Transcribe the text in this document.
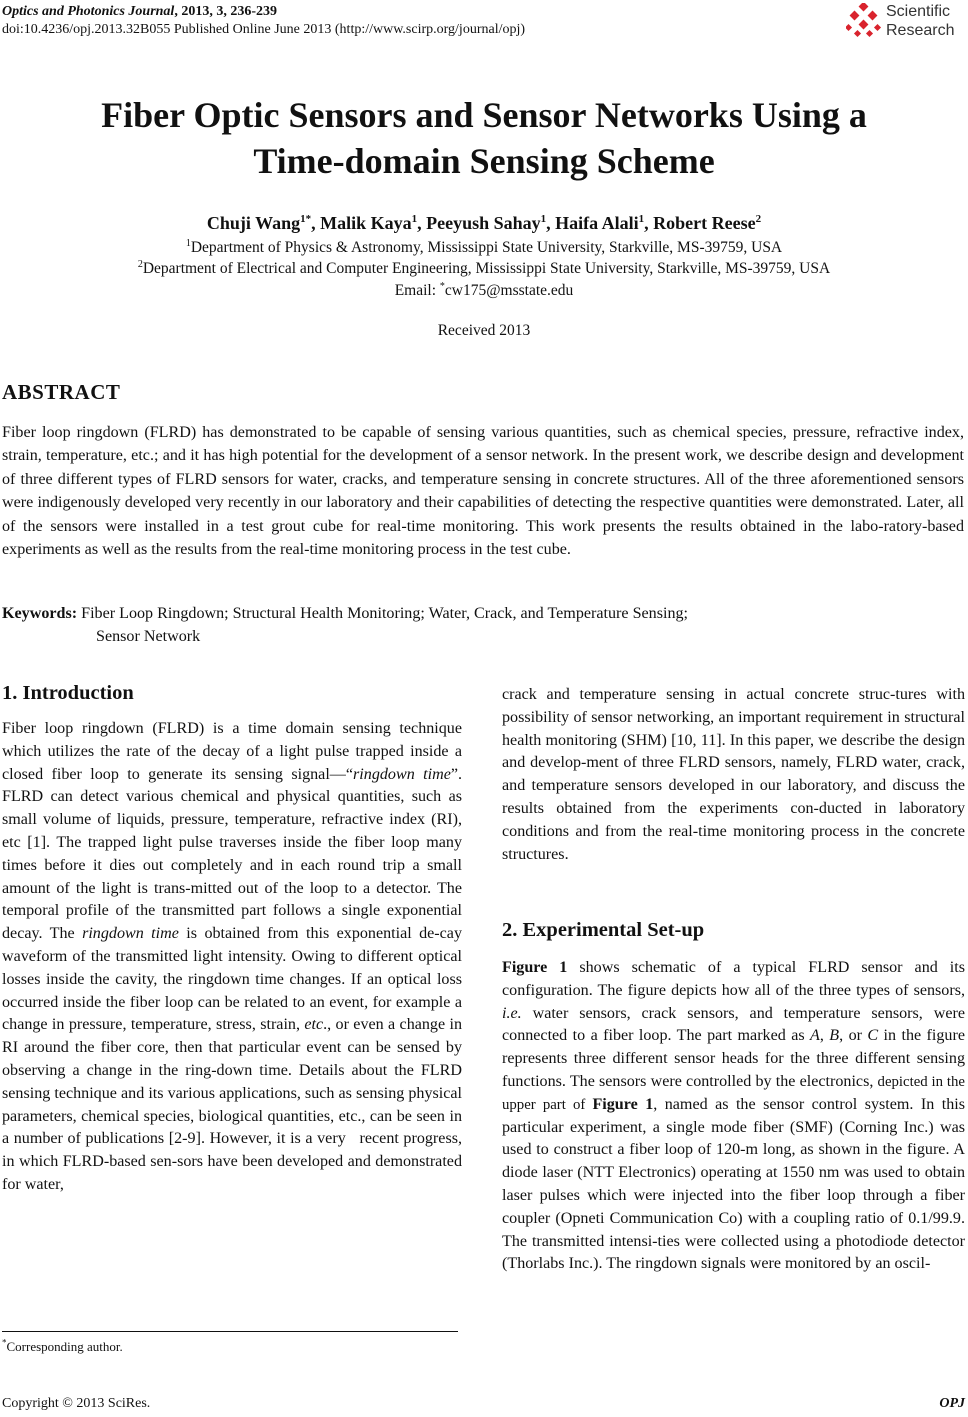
Optics and Photonics Journal, 2013, 3, 236-239
doi:10.4236/opj.2013.32B055 Published Online June 2013 (http://www.scirp.org/journal/opj)
Scientific
Research
Fiber Optic Sensors and Sensor Networks Using a
Time-domain Sensing Scheme
Chuji Wang$^{1*}$, Malik Kaya$^1$, Peeyush Sahay$^1$, Haifa Alali$^1$, Robert Reese$^2$
$^1$Department of Physics & Astronomy, Mississippi State University, Starkville, MS-39759, USA
$^2$Department of Electrical and Computer Engineering, Mississippi State University, Starkville, MS-39759, USA
Email: *cw175@msstate.edu
Received 2013
ABSTRACT
Fiber loop ringdown (FLRD) has demonstrated to be capable of sensing various quantities, such as chemical species, pressure, refractive index, strain, temperature, etc.; and it has high potential for the development of a sensor network. In the present work, we describe design and development of three different types of FLRD sensors for water, cracks, and temperature sensing in concrete structures. All of the three aforementioned sensors were indigenously developed very recently in our laboratory and their capabilities of detecting the respective quantities were demonstrated. Later, all of the sensors were installed in a test grout cube for real-time monitoring. This work presents the results obtained in the labo-ratory-based experiments as well as the results from the real-time monitoring process in the test cube.
Keywords: Fiber Loop Ringdown; Structural Health Monitoring; Water, Crack, and Temperature Sensing;
Sensor Network
1. Introduction
Fiber loop ringdown (FLRD) is a time domain sensing technique which utilizes the rate of the decay of a light pulse trapped inside a closed fiber loop to generate its sensing signal—“ringdown time”. FLRD can detect various chemical and physical quantities, such as small volume of liquids, pressure, temperature, refractive index (RI), etc [1]. The trapped light pulse traverses inside the fiber loop many times before it dies out completely and in each round trip a small amount of the light is trans-mitted out of the loop to a detector. The temporal profile of the transmitted part follows a single exponential decay. The ringdown time is obtained from this exponential de-cay waveform of the transmitted light intensity. Owing to different optical losses inside the cavity, the ringdown time changes. If an optical loss occurred inside the fiber loop can be related to an event, for example a change in pressure, temperature, stress, strain, etc., or even a change in RI around the fiber core, then that particular event can be sensed by observing a change in the ring-down time. Details about the FLRD sensing technique and its various applications, such as sensing physical parameters, chemical species, biological quantities, etc., can be seen in a number of publications [2-9]. However, it is a very   recent progress, in which FLRD-based sen-sors have been developed and demonstrated for water,
crack and temperature sensing in actual concrete struc-tures with possibility of sensor networking, an important requirement in structural health monitoring (SHM) [10, 11]. In this paper, we describe the design and develop-ment of three FLRD sensors, namely, FLRD water, crack, and temperature sensors developed in our laboratory, and discuss the results obtained from the experiments con-ducted in laboratory conditions and from the real-time monitoring process in the concrete structures.
2. Experimental Set-up
Figure 1 shows schematic of a typical FLRD sensor and its configuration. The figure depicts how all of the three types of sensors, i.e. water sensors, crack sensors, and temperature sensors, were connected to a fiber loop. The part marked as A, B, or C in the figure represents three different sensor heads for the three different sensing functions. The sensors were controlled by the electronics, depicted in the upper part of Figure 1, named as the sensor control system. In this particular experiment, a single mode fiber (SMF) (Corning Inc.) was used to construct a fiber loop of 120-m long, as shown in the figure. A diode laser (NTT Electronics) operating at 1550 nm was used to obtain laser pulses which were injected into the fiber loop through a fiber coupler (Opneti Communication Co) with a coupling ratio of 0.1/99.9. The transmitted intensi-ties were collected using a photodiode detector (Thorlabs Inc.). The ringdown signals were monitored by an oscil-
*Corresponding author.
Copyright © 2013 SciRes.	OPJ
